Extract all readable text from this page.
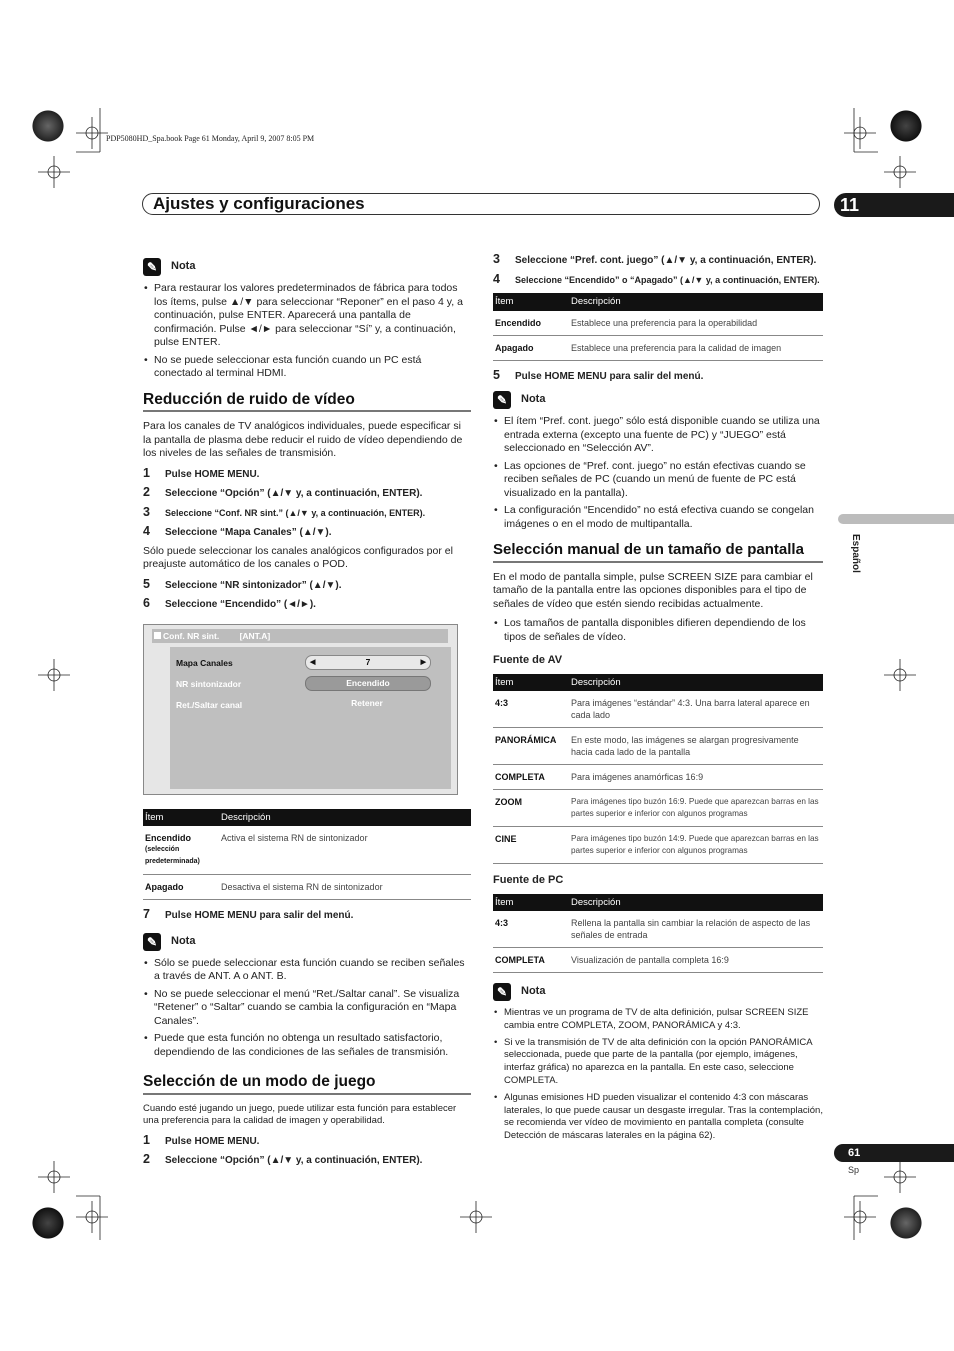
PDP5080HD_Spa.book Page 61 Monday, April 9, 2007 8:05 PM
Ajustes y configuraciones	11
Español
61
Sp
✎	Nota
• Para restaurar los valores predeterminados de fábrica para todos los ítems, pulse ▲/▼ para seleccionar “Reponer” en el paso 4 y, a continuación, pulse ENTER. Aparecerá una pantalla de confirmación. Pulse ◄/► para seleccionar “Sí” y, a continuación, pulse ENTER.
• No se puede seleccionar esta función cuando un PC está conectado al terminal HDMI.
Reducción de ruido de vídeo

Para los canales de TV analógicos individuales, puede especificar si la pantalla de plasma debe reducir el ruido de vídeo dependiendo de los niveles de las señales de transmisión.

1	Pulse HOME MENU.
2	Seleccione “Opción” (▲/▼ y, a continuación, ENTER).
3	Seleccione “Conf. NR sint.” (▲/▼ y, a continuación, ENTER).
4	Seleccione “Mapa Canales” (▲/▼).

Sólo puede seleccionar los canales analógicos configurados por el preajuste automático de los canales o POD.

5	Seleccione “NR sintonizador” (▲/▼).
6	Seleccione “Encendido” (◄/►).
Conf. NR sint. [ANT.A]
Mapa Canales	◀	7	▶
NR sintonizador	Encendido
Ret./Saltar canal	Retener
Ítem	Descripción
Encendido
(selección predeterminada)	Activa el sistema RN de sintonizador
Apagado	Desactiva el sistema RN de sintonizador
7	Pulse HOME MENU para salir del menú.
✎	Nota
• Sólo se puede seleccionar esta función cuando se reciben señales a través de ANT. A o ANT. B.
• No se puede seleccionar el menú “Ret./Saltar canal”. Se visualiza “Retener” o “Saltar” cuando se cambia la configuración en “Mapa Canales”.
• Puede que esta función no obtenga un resultado satisfactorio, dependiendo de las condiciones de las señales de transmisión.
Selección de un modo de juego

Cuando esté jugando un juego, puede utilizar esta función para establecer una preferencia para la calidad de imagen y operabilidad.

1	Pulse HOME MENU.
2	Seleccione “Opción” (▲/▼ y, a continuación, ENTER).
3	Seleccione “Pref. cont. juego” (▲/▼ y, a continuación, ENTER).
4	Seleccione “Encendido” o “Apagado” (▲/▼ y, a continuación, ENTER).
Ítem	Descripción
Encendido	Establece una preferencia para la operabilidad
Apagado	Establece una preferencia para la calidad de imagen
5	Pulse HOME MENU para salir del menú.
✎	Nota
• El ítem “Pref. cont. juego” sólo está disponible cuando se utiliza una entrada externa (excepto una fuente de PC) y “JUEGO” está seleccionado en “Selección AV”.
• Las opciones de “Pref. cont. juego” no están efectivas cuando se reciben señales de PC (cuando un menú de fuente de PC está visualizado en la pantalla).
• La configuración “Encendido” no está efectiva cuando se congelan imágenes o en el modo de multipantalla.
Selección manual de un tamaño de pantalla

En el modo de pantalla simple, pulse SCREEN SIZE para cambiar el tamaño de la pantalla entre las opciones disponibles para el tipo de señales de vídeo que estén siendo recibidas actualmente.

• Los tamaños de pantalla disponibles difieren dependiendo de los tipos de señales de vídeo.
Fuente de AV
Ítem	Descripción
4:3	Para imágenes “estándar” 4:3. Una barra lateral aparece en cada lado
PANORÁMICA	En este modo, las imágenes se alargan progresivamente hacia cada lado de la pantalla
COMPLETA	Para imágenes anamórficas 16:9
ZOOM	Para imágenes tipo buzón 16:9. Puede que aparezcan barras en las partes superior e inferior con algunos programas
CINE	Para imágenes tipo buzón 14:9. Puede que aparezcan barras en las partes superior e inferior con algunos programas
Fuente de PC
Ítem	Descripción
4:3	Rellena la pantalla sin cambiar la relación de aspecto de las señales de entrada
COMPLETA	Visualización de pantalla completa 16:9
✎	Nota
• Mientras ve un programa de TV de alta definición, pulsar SCREEN SIZE cambia entre COMPLETA, ZOOM, PANORÁMICA y 4:3.
• Si ve la transmisión de TV de alta definición con la opción PANORÁMICA seleccionada, puede que parte de la pantalla (por ejemplo, imágenes, interfaz gráfica) no aparezca en la pantalla. En este caso, seleccione COMPLETA.
• Algunas emisiones HD pueden visualizar el contenido 4:3 con máscaras laterales, lo que puede causar un desgaste irregular. Tras la contemplación, se recomienda ver vídeo de movimiento en pantalla completa (consulte Detección de máscaras laterales en la página 62).
